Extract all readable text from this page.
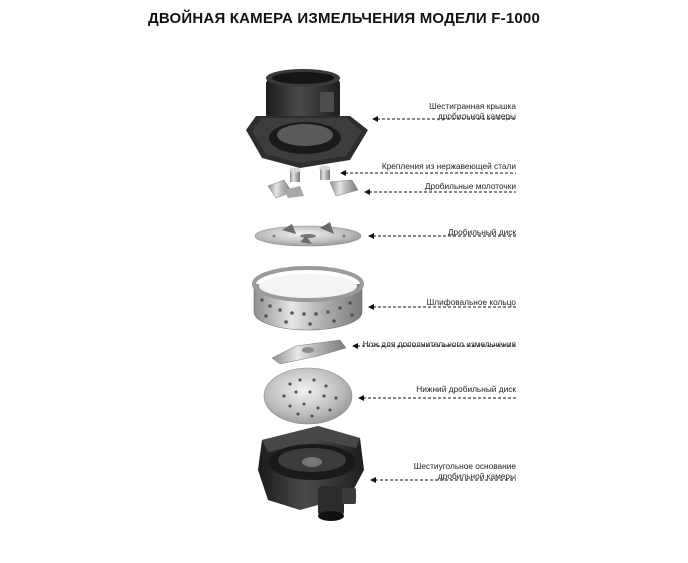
ДВОЙНАЯ КАМЕРА ИЗМЕЛЬЧЕНИЯ МОДЕЛИ F-1000
Шестигранная крышка
дробильной камеры
Крепления из нержавеющей стали
Дробильные молоточки
Дробильный диск
Шлифовальное кольцо
Нож для дополнительного измельчения
Нижний дробильный диск
Шестиугольное основание
дробильной камеры
